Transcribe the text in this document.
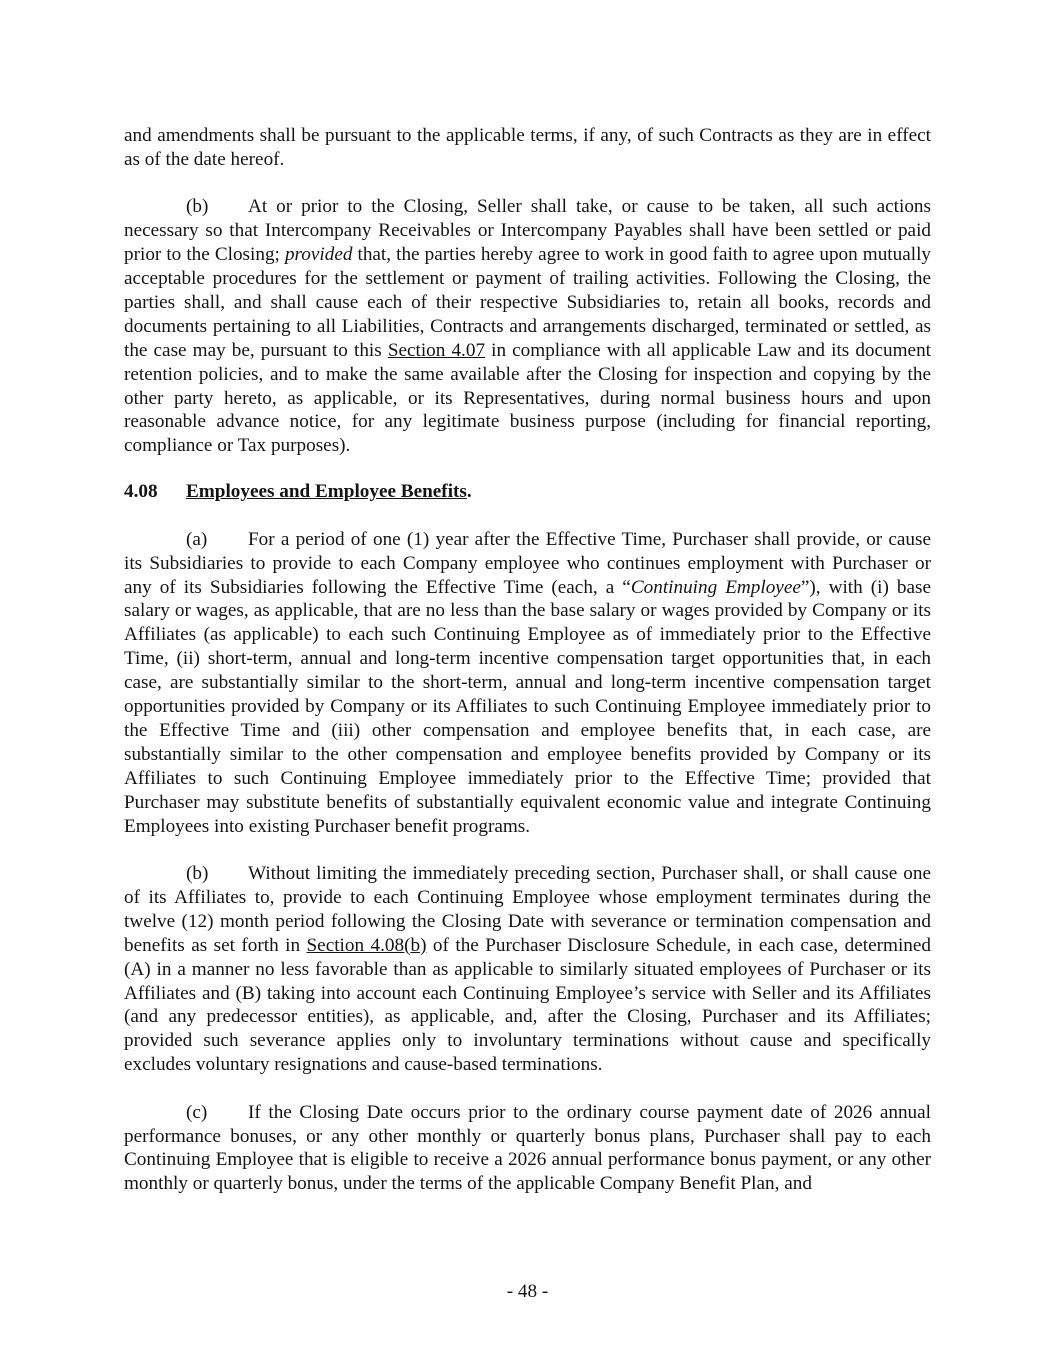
and amendments shall be pursuant to the applicable terms, if any, of such Contracts as they are in effect as of the date hereof.

(b) At or prior to the Closing, Seller shall take, or cause to be taken, all such actions necessary so that Intercompany Receivables or Intercompany Payables shall have been settled or paid prior to the Closing; provided that, the parties hereby agree to work in good faith to agree upon mutually acceptable procedures for the settlement or payment of trailing activities. Following the Closing, the parties shall, and shall cause each of their respective Subsidiaries to, retain all books, records and documents pertaining to all Liabilities, Contracts and arrangements discharged, terminated or settled, as the case may be, pursuant to this Section 4.07 in compliance with all applicable Law and its document retention policies, and to make the same available after the Closing for inspection and copying by the other party hereto, as applicable, or its Representatives, during normal business hours and upon reasonable advance notice, for any legitimate business purpose (including for financial reporting, compliance or Tax purposes).

4.08 Employees and Employee Benefits.

(a) For a period of one (1) year after the Effective Time, Purchaser shall provide, or cause its Subsidiaries to provide to each Company employee who continues employment with Purchaser or any of its Subsidiaries following the Effective Time (each, a “Continuing Employee”), with (i) base salary or wages, as applicable, that are no less than the base salary or wages provided by Company or its Affiliates (as applicable) to each such Continuing Employee as of immediately prior to the Effective Time, (ii) short-term, annual and long-term incentive compensation target opportunities that, in each case, are substantially similar to the short-term, annual and long-term incentive compensation target opportunities provided by Company or its Affiliates to such Continuing Employee immediately prior to the Effective Time and (iii) other compensation and employee benefits that, in each case, are substantially similar to the other compensation and employee benefits provided by Company or its Affiliates to such Continuing Employee immediately prior to the Effective Time; provided that Purchaser may substitute benefits of substantially equivalent economic value and integrate Continuing Employees into existing Purchaser benefit programs.

(b) Without limiting the immediately preceding section, Purchaser shall, or shall cause one of its Affiliates to, provide to each Continuing Employee whose employment terminates during the twelve (12) month period following the Closing Date with severance or termination compensation and benefits as set forth in Section 4.08(b) of the Purchaser Disclosure Schedule, in each case, determined (A) in a manner no less favorable than as applicable to similarly situated employees of Purchaser or its Affiliates and (B) taking into account each Continuing Employee’s service with Seller and its Affiliates (and any predecessor entities), as applicable, and, after the Closing, Purchaser and its Affiliates; provided such severance applies only to involuntary terminations without cause and specifically excludes voluntary resignations and cause-based terminations.

(c) If the Closing Date occurs prior to the ordinary course payment date of 2026 annual performance bonuses, or any other monthly or quarterly bonus plans, Purchaser shall pay to each Continuing Employee that is eligible to receive a 2026 annual performance bonus payment, or any other monthly or quarterly bonus, under the terms of the applicable Company Benefit Plan, and

- 48 -
